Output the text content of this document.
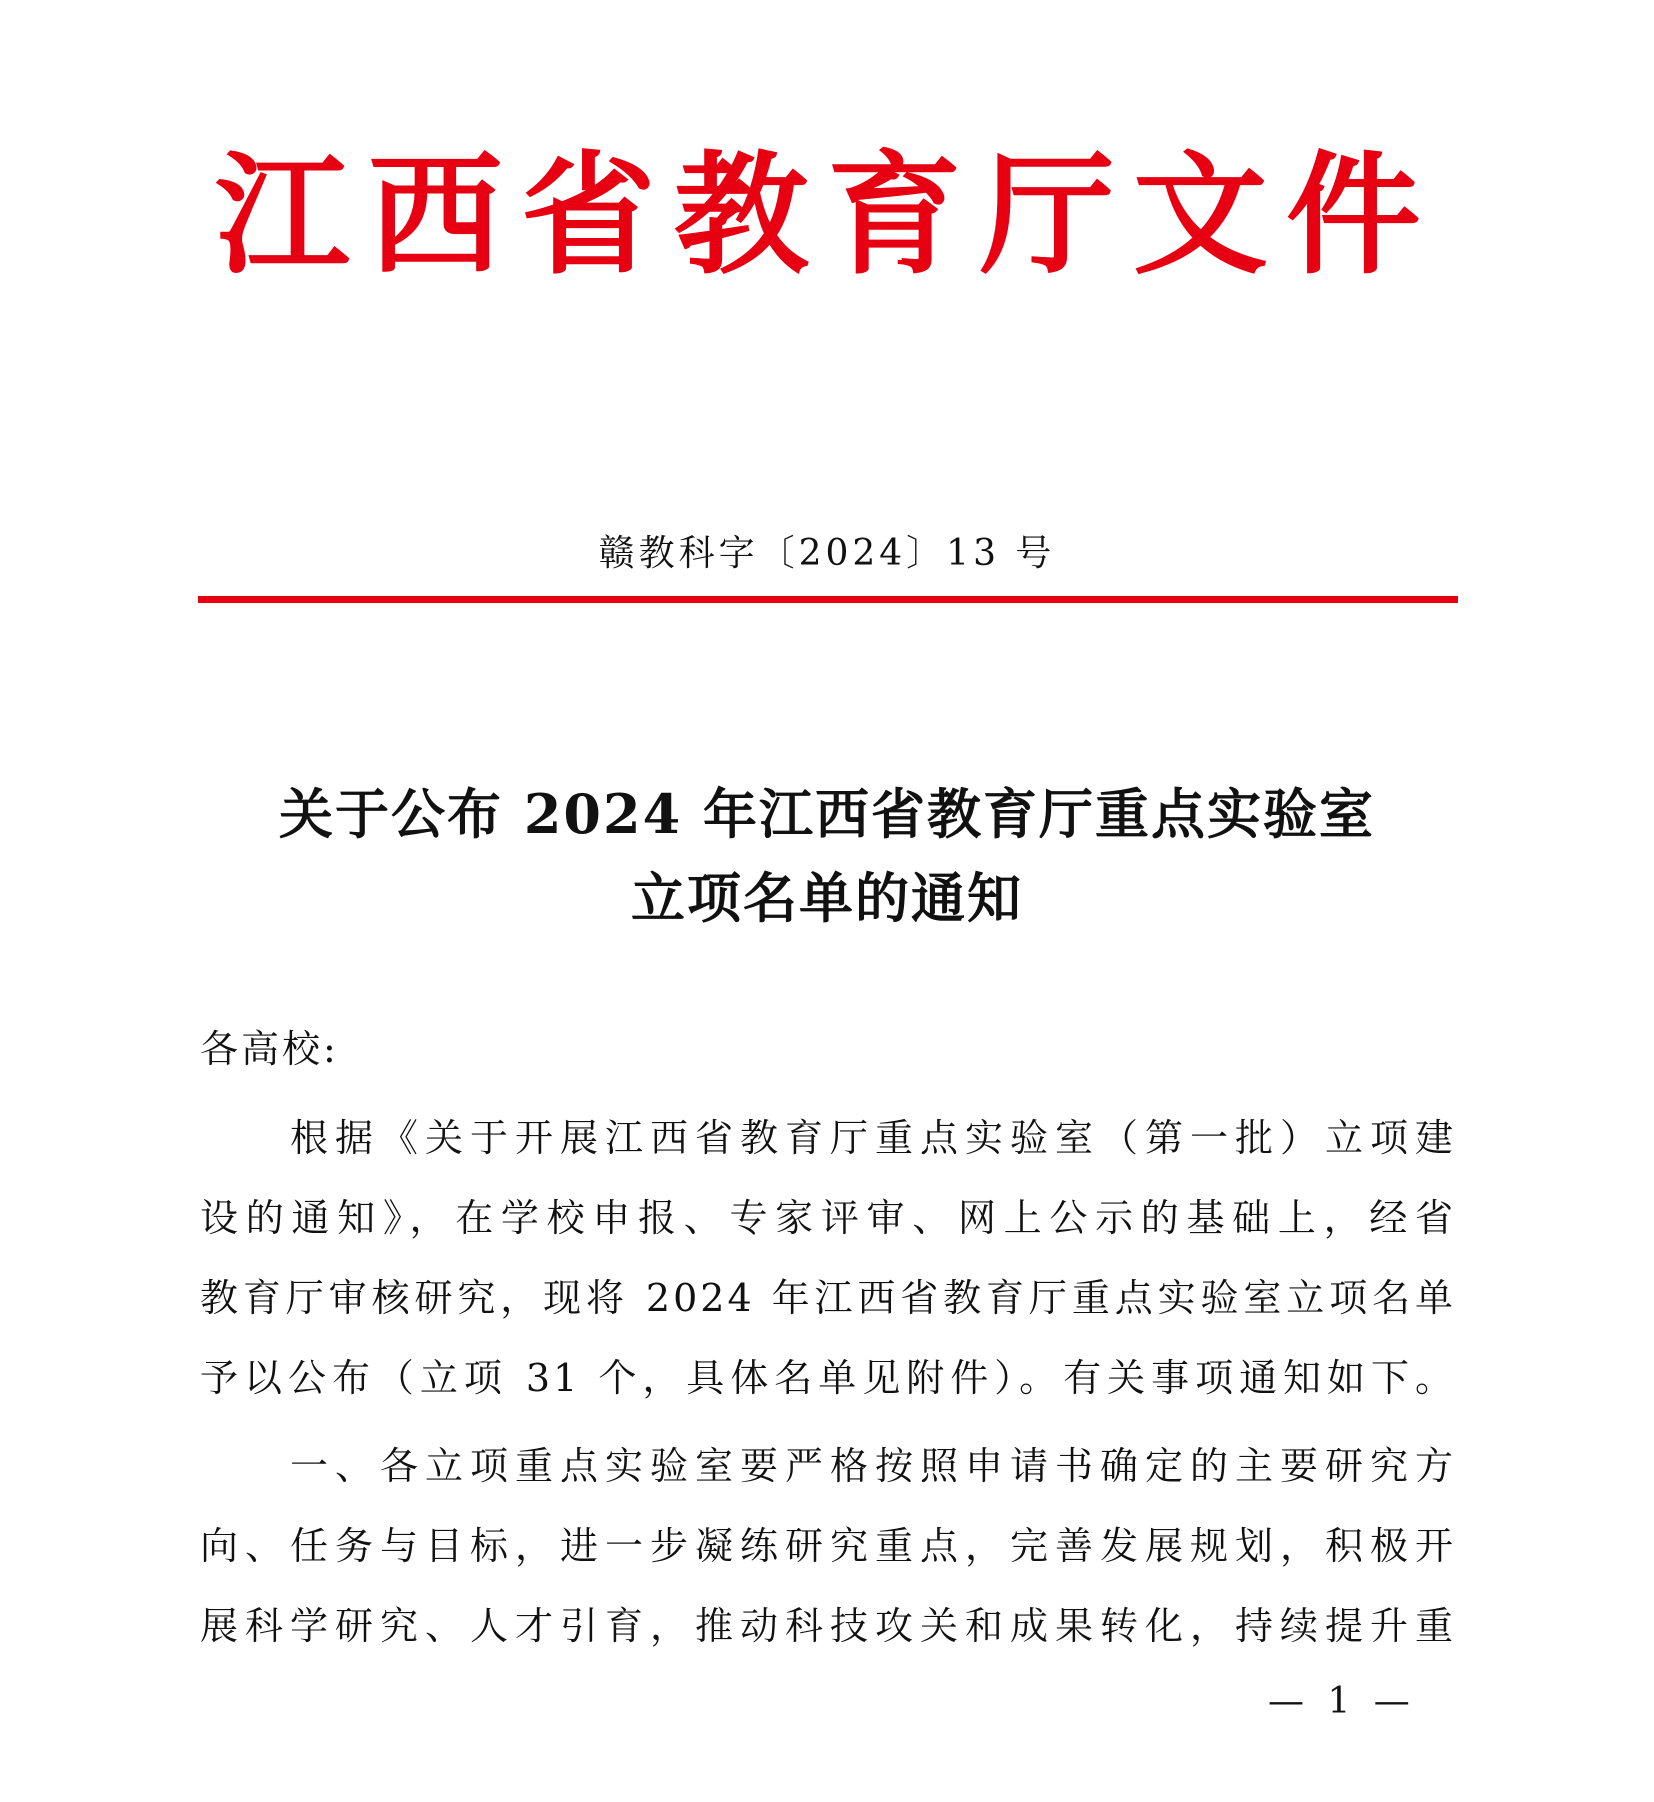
江西省教育厅文件
赣教科字〔2024〕13 号
关于公布 2024 年江西省教育厅重点实验室
立项名单的通知
各高校:
根据《关于开展江西省教育厅重点实验室（第一批）立项建
设的通知》，在学校申报、专家评审、网上公示的基础上，经省
教育厅审核研究，现将 2024 年江西省教育厅重点实验室立项名单
予以公布（立项 31 个，具体名单见附件）。有关事项通知如下。
一、各立项重点实验室要严格按照申请书确定的主要研究方
向、任务与目标，进一步凝练研究重点，完善发展规划，积极开
展科学研究、人才引育，推动科技攻关和成果转化，持续提升重
— 1 —
